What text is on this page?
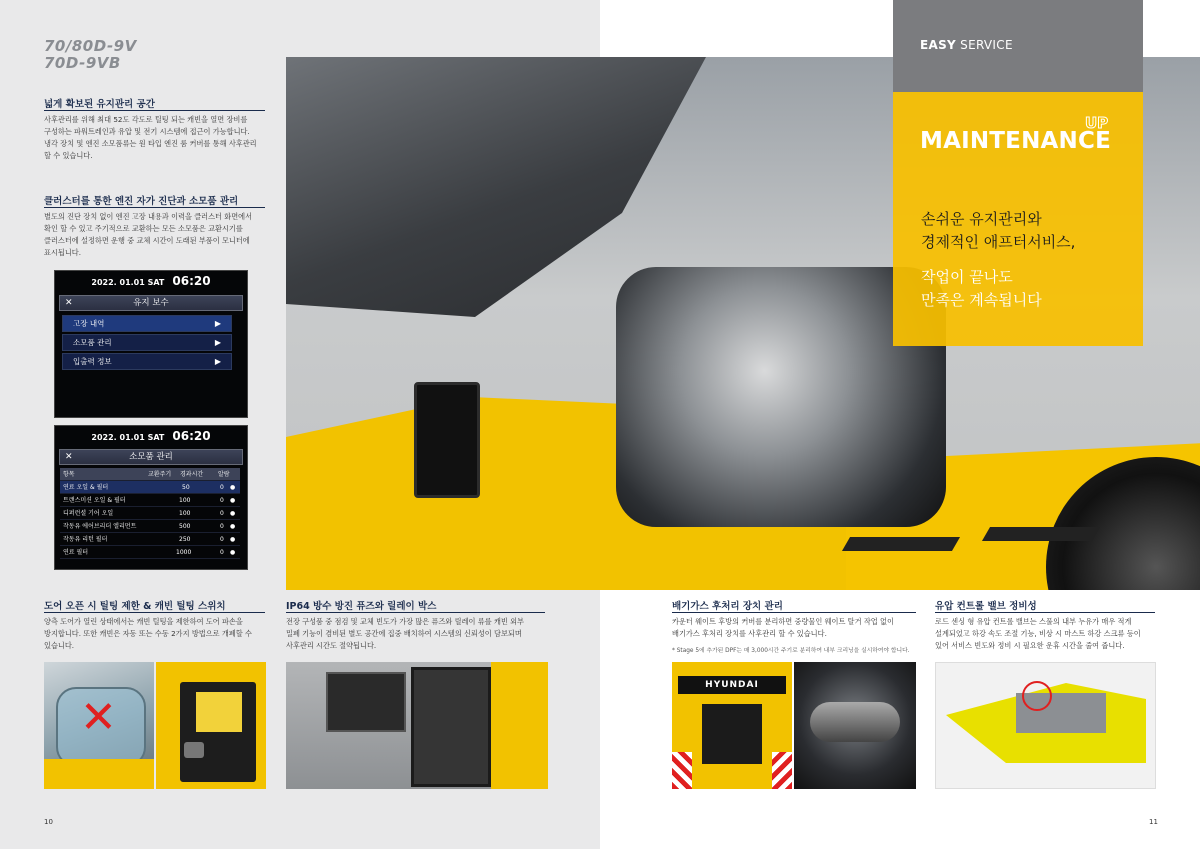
70/80D-9V
70D-9VB
넓게 확보된 유지관리 공간
사후관리를 위해 최대 52도 각도로 틸팅 되는 캐빈을 열면 장비를
구성하는 파워트레인과 유압 및 전기 시스템에 접근이 가능합니다.
냉각 장치 및 엔진 소모품류는 원 타입 엔진 룸 커버를 통해 사후관리
할 수 있습니다.
클러스터를 통한 엔진 자가 진단과 소모품 관리
별도의 진단 장치 없이 엔진 고장 내용과 이력을 클러스터 화면에서
확인 할 수 있고 주기적으로 교환하는 모든 소모품은 교환시기를
클러스터에 설정하면 운행 중 교체 시간이 도래된 부품이 모니터에
표시됩니다.
2022. 01.01 SAT 06:20
✕	유지 보수
고장 내역	▶
소모품 관리	▶
입출력 정보	▶
2022. 01.01 SAT 06:20
✕	소모품 관리
항목	교환주기 경과시간 알람
연료 오일 & 필터	50	0 ●
트랜스미션 오일 & 필터	100	0 ●
디퍼런셜 기어 오일	100	0 ●
작동유 에어브리더 엘리먼트	500	0 ●
작동유 리턴 필터	250	0 ●
연료 필터	1000	0 ●
EASY SERVICE
MAINTENANCE
UP
손쉬운 유지관리와
경제적인 애프터서비스,
작업이 끝나도
만족은 계속됩니다
도어 오픈 시 틸팅 제한 & 캐빈 틸팅 스위치
양측 도어가 열린 상태에서는 캐빈 틸팅을 제한하여 도어 파손을
방지합니다. 또한 캐빈은 자동 또는 수동 2가지 방법으로 개폐할 수
있습니다.
IP64 방수 방진 퓨즈와 릴레이 박스
전장 구성품 중 점검 및 교체 빈도가 가장 많은 퓨즈와 릴레이 류를 캐빈 외부
밀폐 기능이 겸비된 별도 공간에 집중 배치하여 시스템의 신뢰성이 담보되며
사후관리 시간도 절약됩니다.
배기가스 후처리 장치 관리
카운터 웨이트 후방의 커버를 분리하면 중량물인 웨이트 탈거 작업 없이
배기가스 후처리 장치를 사후관리 할 수 있습니다.
* Stage 5에 추가된 DPF는 매 3,000시간 주기로 분리하여 내부 크리닝을 실시하여야 합니다.
유압 컨트롤 밸브 정비성
로드 센싱 형 유압 컨트롤 밸브는 스풀의 내부 누유가 매우 적게
설계되었고 하강 속도 조절 기능, 비상 시 마스트 하강 스크류 등이
있어 서비스 빈도와 정비 시 필요한 운휴 시간을 줄여 줍니다.
✕
HYUNDAI
10	11
